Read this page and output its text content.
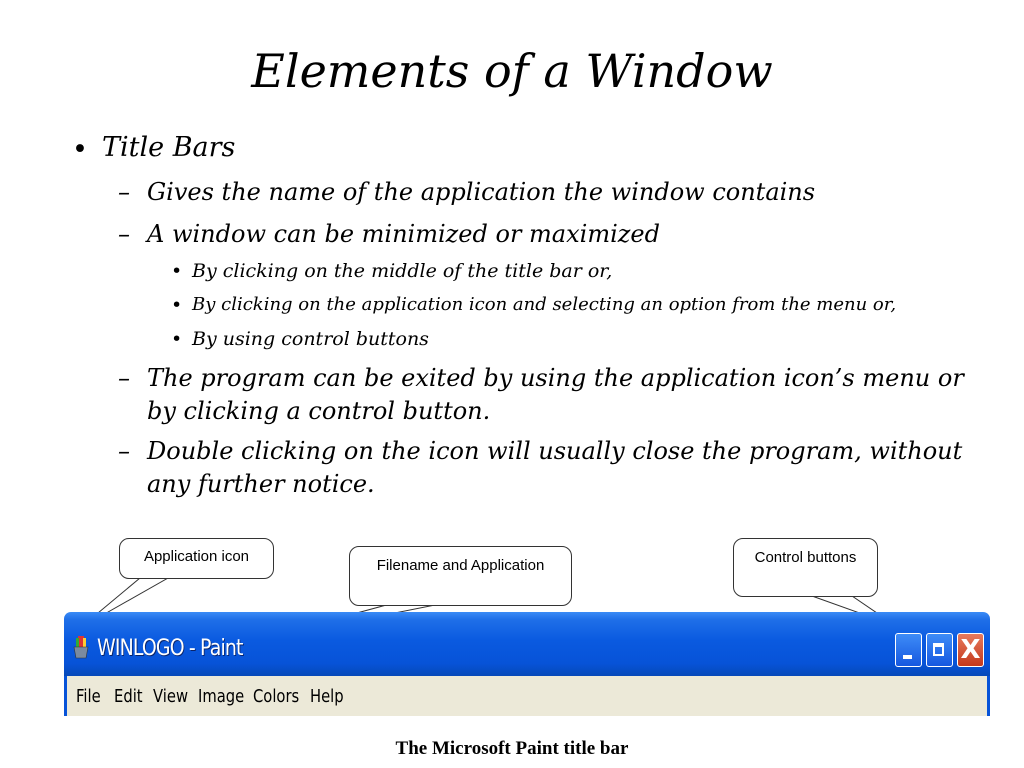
Elements of a Window
• Title Bars
– Gives the name of the application the window contains
– A window can be minimized or maximized
• By clicking on the middle of the title bar or,
• By clicking on the application icon and selecting an option from the menu or,
• By using control buttons
– The program can be exited by using the application icon’s menu or by clicking a control button.
– Double clicking on the icon will usually close the program, without any further notice.
Application icon
Filename and Application	Control buttons
WINLOGO - Paint	X
File Edit View Image Colors Help
The Microsoft Paint title bar
